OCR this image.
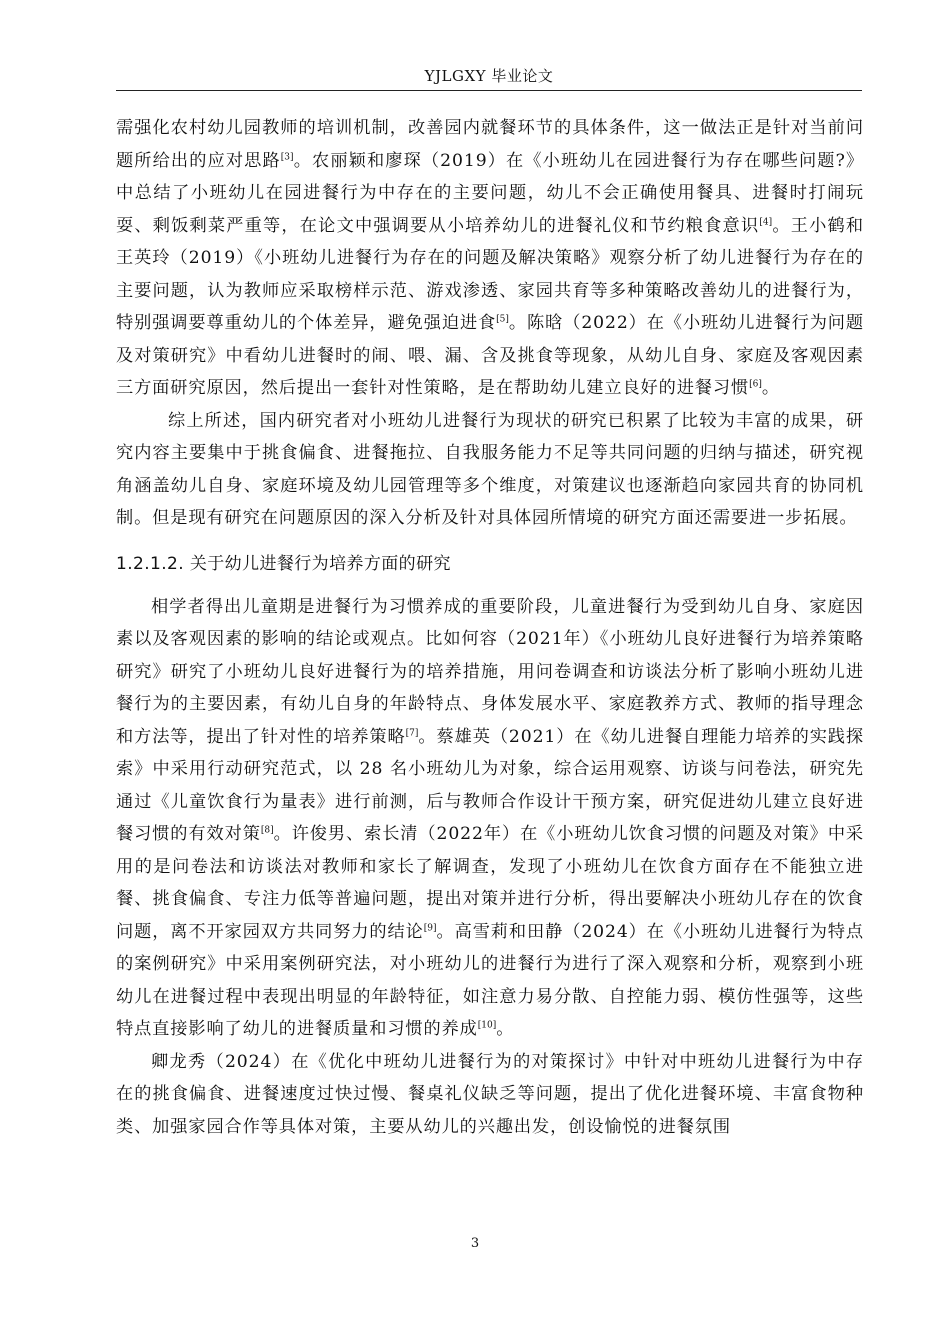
YJLGXY 毕业论文

需强化农村幼儿园教师的培训机制，改善园内就餐环节的具体条件，这一做法正是针对当前问题所给出的应对思路[3]。农丽颖和廖琛（2019）在《小班幼儿在园进餐行为存在哪些问题?》中总结了小班幼儿在园进餐行为中存在的主要问题，幼儿不会正确使用餐具、进餐时打闹玩耍、剩饭剩菜严重等，在论文中强调要从小培养幼儿的进餐礼仪和节约粮食意识[4]。王小鹤和王英玲（2019）《小班幼儿进餐行为存在的问题及解决策略》观察分析了幼儿进餐行为存在的主要问题，认为教师应采取榜样示范、游戏渗透、家园共育等多种策略改善幼儿的进餐行为，特别强调要尊重幼儿的个体差异，避免强迫进食[5]。陈晗（2022）在《小班幼儿进餐行为问题及对策研究》中看幼儿进餐时的闹、喂、漏、含及挑食等现象，从幼儿自身、家庭及客观因素三方面研究原因，然后提出一套针对性策略，是在帮助幼儿建立良好的进餐习惯[6]。

综上所述，国内研究者对小班幼儿进餐行为现状的研究已积累了比较为丰富的成果，研究内容主要集中于挑食偏食、进餐拖拉、自我服务能力不足等共同问题的归纳与描述，研究视角涵盖幼儿自身、家庭环境及幼儿园管理等多个维度，对策建议也逐渐趋向家园共育的协同机制。但是现有研究在问题原因的深入分析及针对具体园所情境的研究方面还需要进一步拓展。

1.2.1.2. 关于幼儿进餐行为培养方面的研究

相学者得出儿童期是进餐行为习惯养成的重要阶段，儿童进餐行为受到幼儿自身、家庭因素以及客观因素的影响的结论或观点。比如何容（2021年）《小班幼儿良好进餐行为培养策略研究》研究了小班幼儿良好进餐行为的培养措施，用问卷调查和访谈法分析了影响小班幼儿进餐行为的主要因素，有幼儿自身的年龄特点、身体发展水平、家庭教养方式、教师的指导理念和方法等，提出了针对性的培养策略[7]。蔡雄英（2021）在《幼儿进餐自理能力培养的实践探索》中采用行动研究范式，以 28 名小班幼儿为对象，综合运用观察、访谈与问卷法，研究先通过《儿童饮食行为量表》进行前测，后与教师合作设计干预方案，研究促进幼儿建立良好进餐习惯的有效对策[8]。许俊男、索长清（2022年）在《小班幼儿饮食习惯的问题及对策》中采用的是问卷法和访谈法对教师和家长了解调查，发现了小班幼儿在饮食方面存在不能独立进餐、挑食偏食、专注力低等普遍问题，提出对策并进行分析，得出要解决小班幼儿存在的饮食问题，离不开家园双方共同努力的结论[9]。高雪莉和田静（2024）在《小班幼儿进餐行为特点的案例研究》中采用案例研究法，对小班幼儿的进餐行为进行了深入观察和分析，观察到小班幼儿在进餐过程中表现出明显的年龄特征，如注意力易分散、自控能力弱、模仿性强等，这些特点直接影响了幼儿的进餐质量和习惯的养成[10]。

卿龙秀（2024）在《优化中班幼儿进餐行为的对策探讨》中针对中班幼儿进餐行为中存在的挑食偏食、进餐速度过快过慢、餐桌礼仪缺乏等问题，提出了优化进餐环境、丰富食物种类、加强家园合作等具体对策，主要从幼儿的兴趣出发，创设愉悦的进餐氛围

3
